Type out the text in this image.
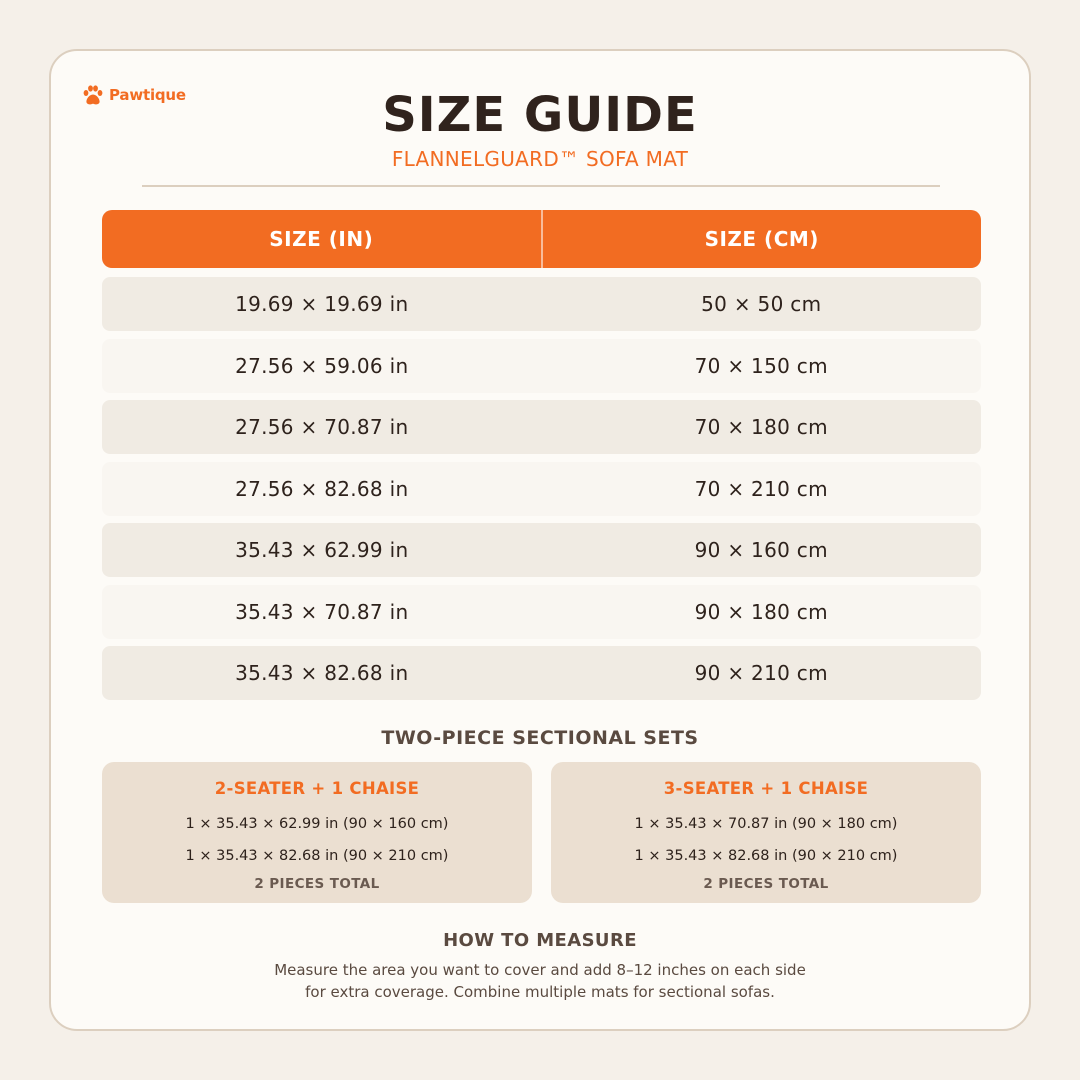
Pawtique	SIZE GUIDE
FLANNELGUARD™ SOFA MAT
SIZE (IN)	SIZE (CM)
19.69 × 19.69 in	50 × 50 cm
27.56 × 59.06 in	70 × 150 cm
27.56 × 70.87 in	70 × 180 cm
27.56 × 82.68 in	70 × 210 cm
35.43 × 62.99 in	90 × 160 cm
35.43 × 70.87 in	90 × 180 cm
35.43 × 82.68 in	90 × 210 cm
TWO-PIECE SECTIONAL SETS
2-SEATER + 1 CHAISE
1 × 35.43 × 62.99 in (90 × 160 cm)
1 × 35.43 × 82.68 in (90 × 210 cm)
2 PIECES TOTAL
3-SEATER + 1 CHAISE
1 × 35.43 × 70.87 in (90 × 180 cm)
1 × 35.43 × 82.68 in (90 × 210 cm)
2 PIECES TOTAL
HOW TO MEASURE
Measure the area you want to cover and add 8–12 inches on each side
for extra coverage. Combine multiple mats for sectional sofas.
